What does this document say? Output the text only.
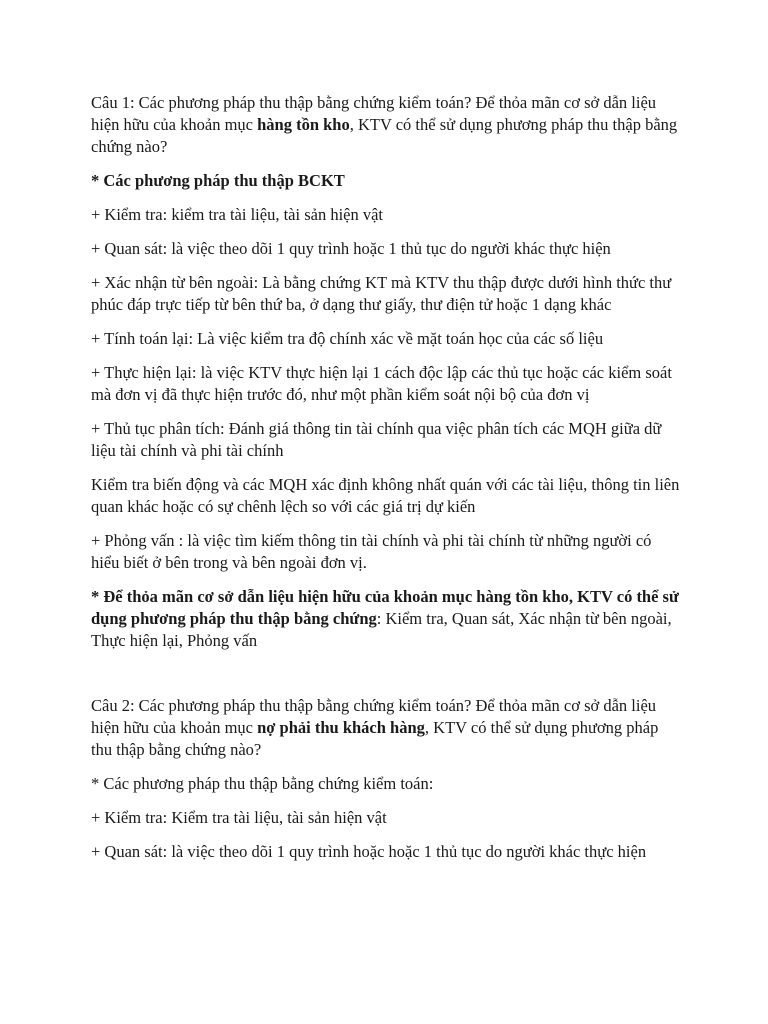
Câu 1: Các phương pháp thu thập bằng chứng kiểm toán? Để thỏa mãn cơ sở dẫn liệu hiện hữu của khoản mục hàng tồn kho, KTV có thể sử dụng phương pháp thu thập bằng chứng nào?

* Các phương pháp thu thập BCKT

+ Kiểm tra: kiểm tra tài liệu, tài sản hiện vật

+ Quan sát: là việc theo dõi 1 quy trình hoặc 1 thủ tục do người khác thực hiện

+ Xác nhận từ bên ngoài: Là bằng chứng KT mà KTV thu thập được dưới hình thức thư phúc đáp trực tiếp từ bên thứ ba, ở dạng thư giấy, thư điện tử hoặc 1 dạng khác

+ Tính toán lại: Là việc kiểm tra độ chính xác về mặt toán học của các số liệu

+ Thực hiện lại: là việc KTV thực hiện lại 1 cách độc lập các thủ tục hoặc các kiểm soát mà đơn vị đã thực hiện trước đó, như một phần kiểm soát nội bộ của đơn vị

+ Thủ tục phân tích: Đánh giá thông tin tài chính qua việc phân tích các MQH giữa dữ liệu tài chính và phi tài chính

Kiểm tra biến động và các MQH xác định không nhất quán với các tài liệu, thông tin liên quan khác hoặc có sự chênh lệch so với các giá trị dự kiến

+ Phỏng vấn : là việc tìm kiếm thông tin tài chính và phi tài chính từ những người có hiểu biết ở bên trong và bên ngoài đơn vị.

* Để thỏa mãn cơ sở dẫn liệu hiện hữu của khoản mục hàng tồn kho, KTV có thể sử dụng phương pháp thu thập bằng chứng: Kiểm tra, Quan sát, Xác nhận từ bên ngoài, Thực hiện lại, Phỏng vấn

Câu 2: Các phương pháp thu thập bằng chứng kiểm toán? Để thỏa mãn cơ sở dẫn liệu hiện hữu của khoản mục nợ phải thu khách hàng, KTV có thể sử dụng phương pháp thu thập bằng chứng nào?

* Các phương pháp thu thập bằng chứng kiểm toán:

+ Kiểm tra: Kiểm tra tài liệu, tài sản hiện vật

+ Quan sát: là việc theo dõi 1 quy trình hoặc hoặc 1 thủ tục do người khác thực hiện
